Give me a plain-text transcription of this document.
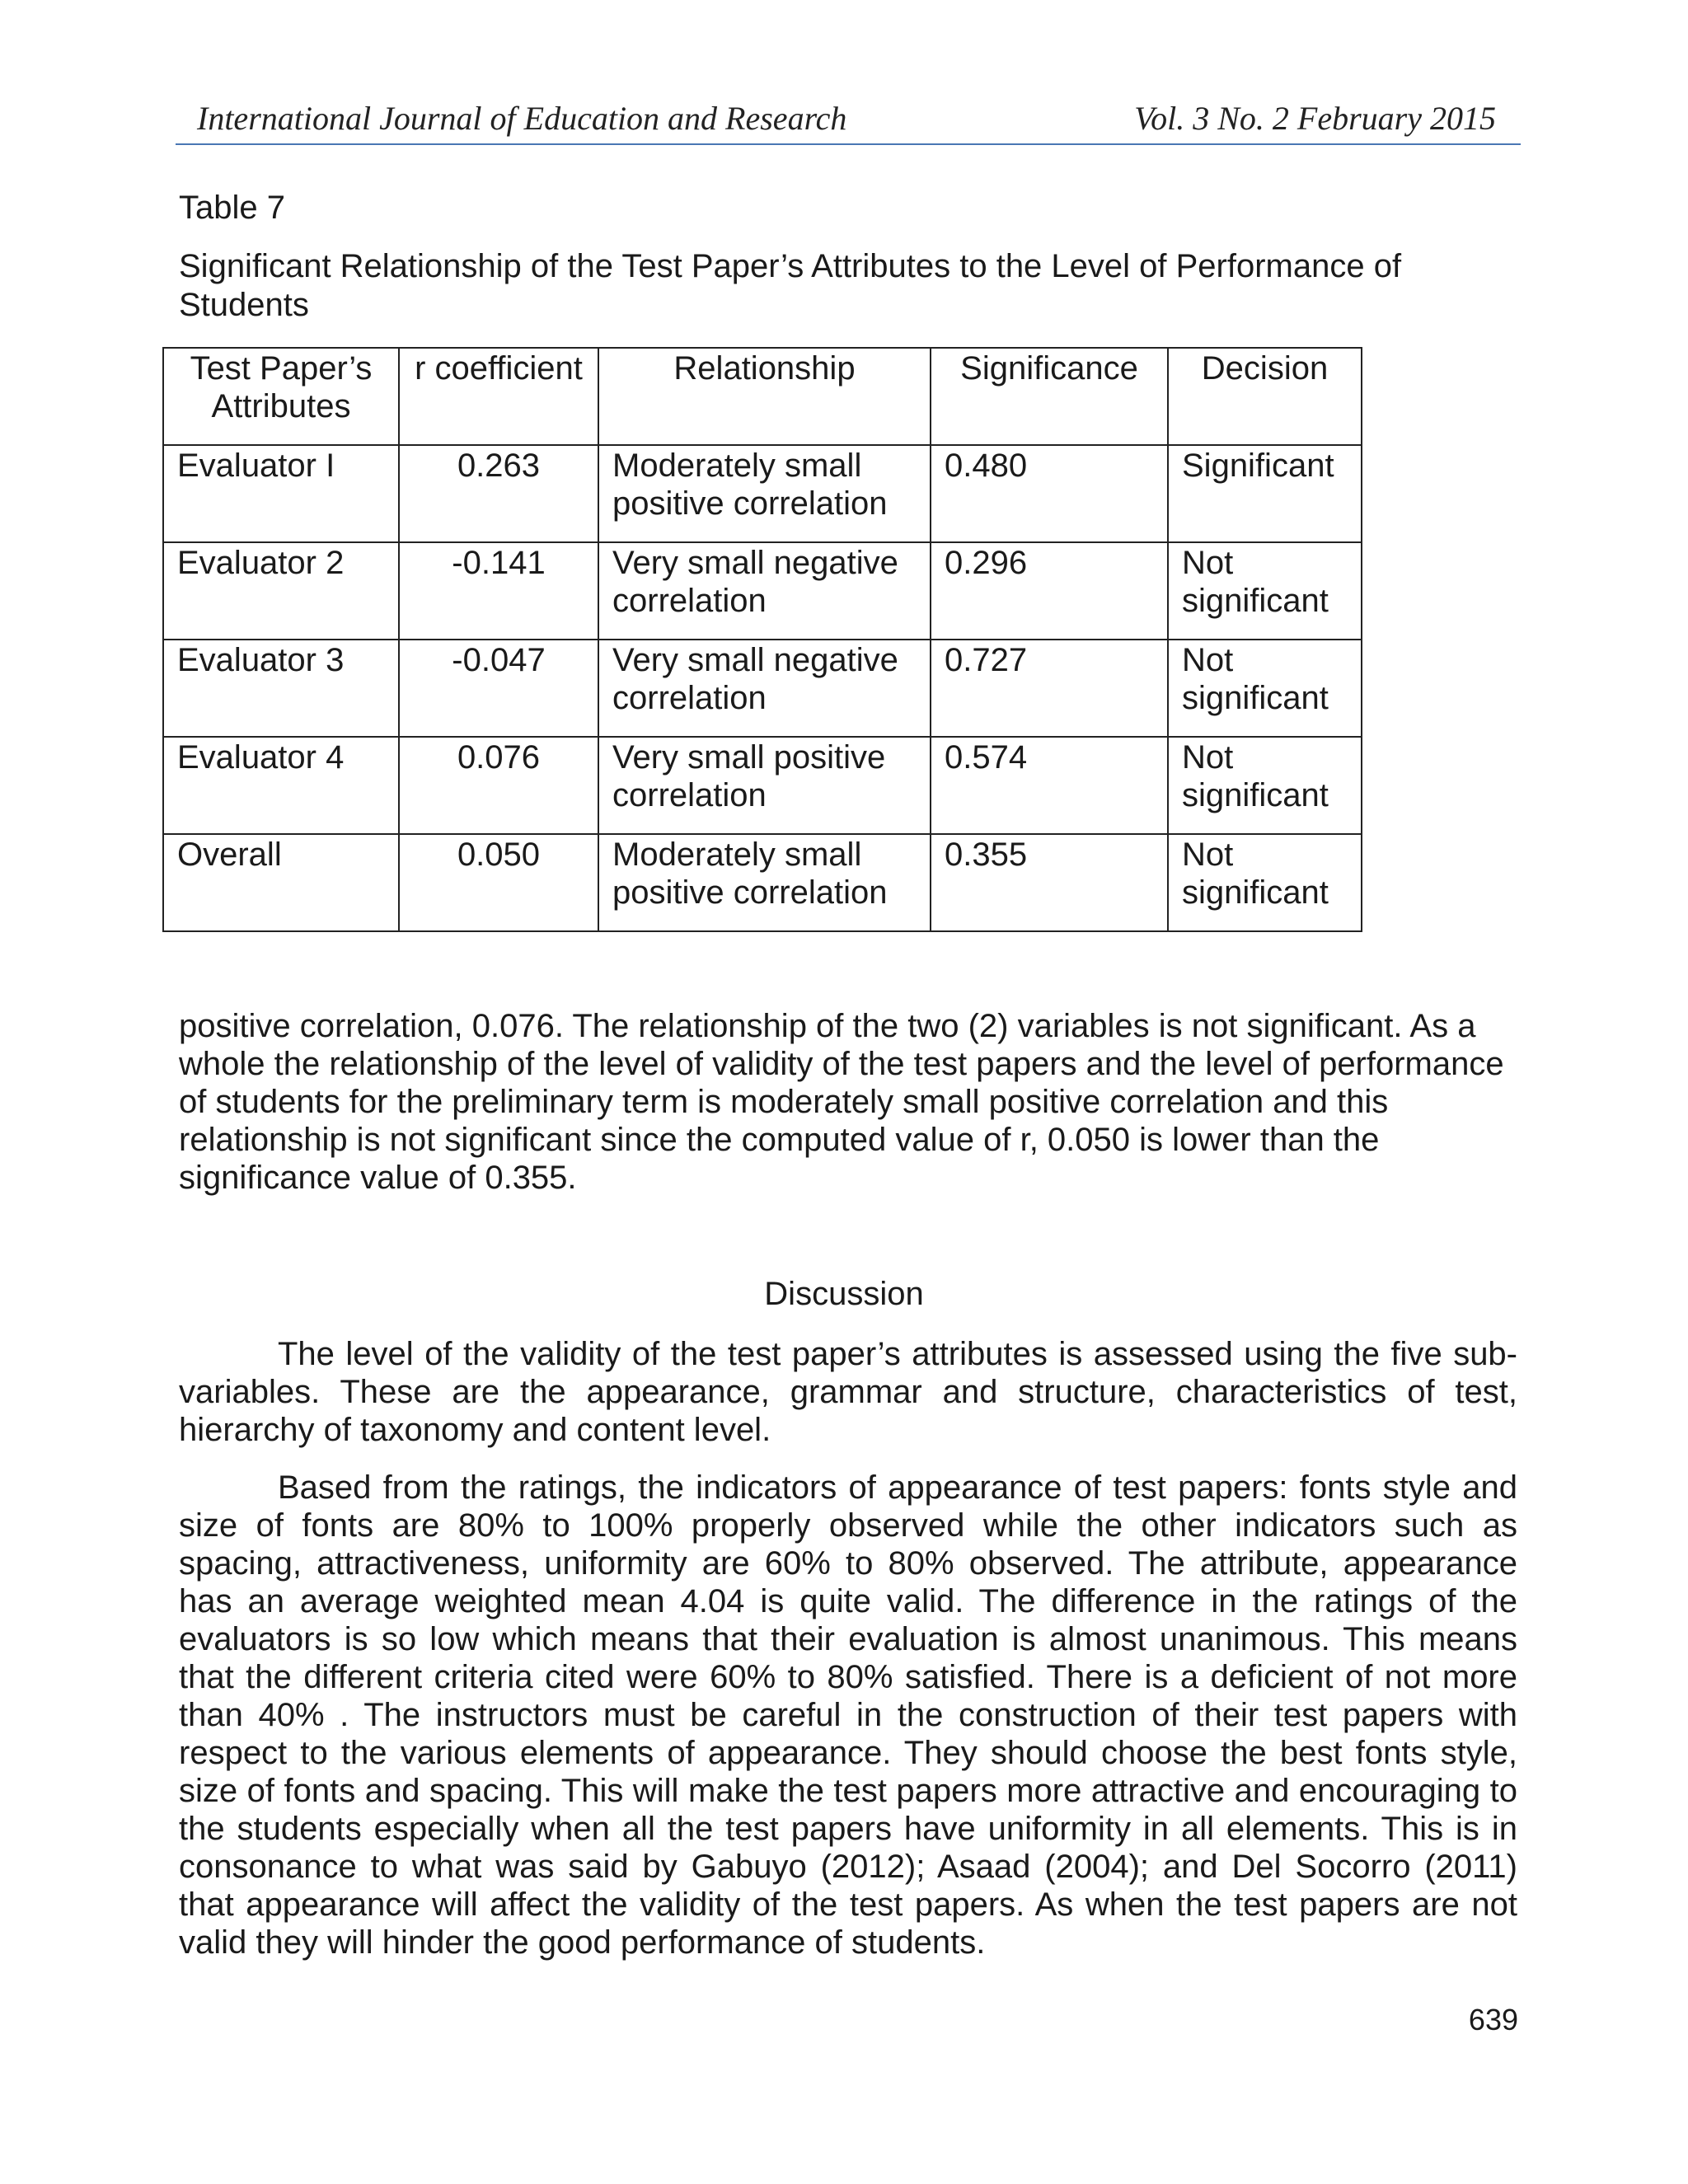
International Journal of Education and Research	Vol. 3 No. 2 February 2015
Table 7
Significant Relationship of the Test Paper’s Attributes to the Level of Performance of Students
Test Paper’s Attributes	r coefficient	Relationship	Significance	Decision
Evaluator I	0.263	Moderately small positive correlation	0.480	Significant
Evaluator 2	-0.141	Very small negative correlation	0.296	Not significant
Evaluator 3	-0.047	Very small negative correlation	0.727	Not significant
Evaluator 4	0.076	Very small positive correlation	0.574	Not significant
Overall	0.050	Moderately small positive correlation	0.355	Not significant
positive correlation, 0.076. The relationship of the two (2) variables is not significant. As a whole the relationship of the level of validity of the test papers and the level of performance of students for the preliminary term is moderately small positive correlation and this relationship is not significant since the computed value of r, 0.050 is lower than the significance value of 0.355.
Discussion
The level of the validity of the test paper’s attributes is assessed using the five sub-variables. These are the appearance, grammar and structure, characteristics of test, hierarchy of taxonomy and content level.
Based from the ratings, the indicators of appearance of test papers: fonts style and size of fonts are 80% to 100% properly observed while the other indicators such as spacing, attractiveness, uniformity are 60% to 80% observed. The attribute, appearance has an average weighted mean 4.04 is quite valid. The difference in the ratings of the evaluators is so low which means that their evaluation is almost unanimous. This means that the different criteria cited were 60% to 80% satisfied. There is a deficient of not more than 40% . The instructors must be careful in the construction of their test papers with respect to the various elements of appearance. They should choose the best fonts style, size of fonts and spacing. This will make the test papers more attractive and encouraging to the students especially when all the test papers have uniformity in all elements. This is in consonance to what was said by Gabuyo (2012); Asaad (2004); and Del Socorro (2011) that appearance will affect the validity of the test papers. As when the test papers are not valid they will hinder the good performance of students.
639
